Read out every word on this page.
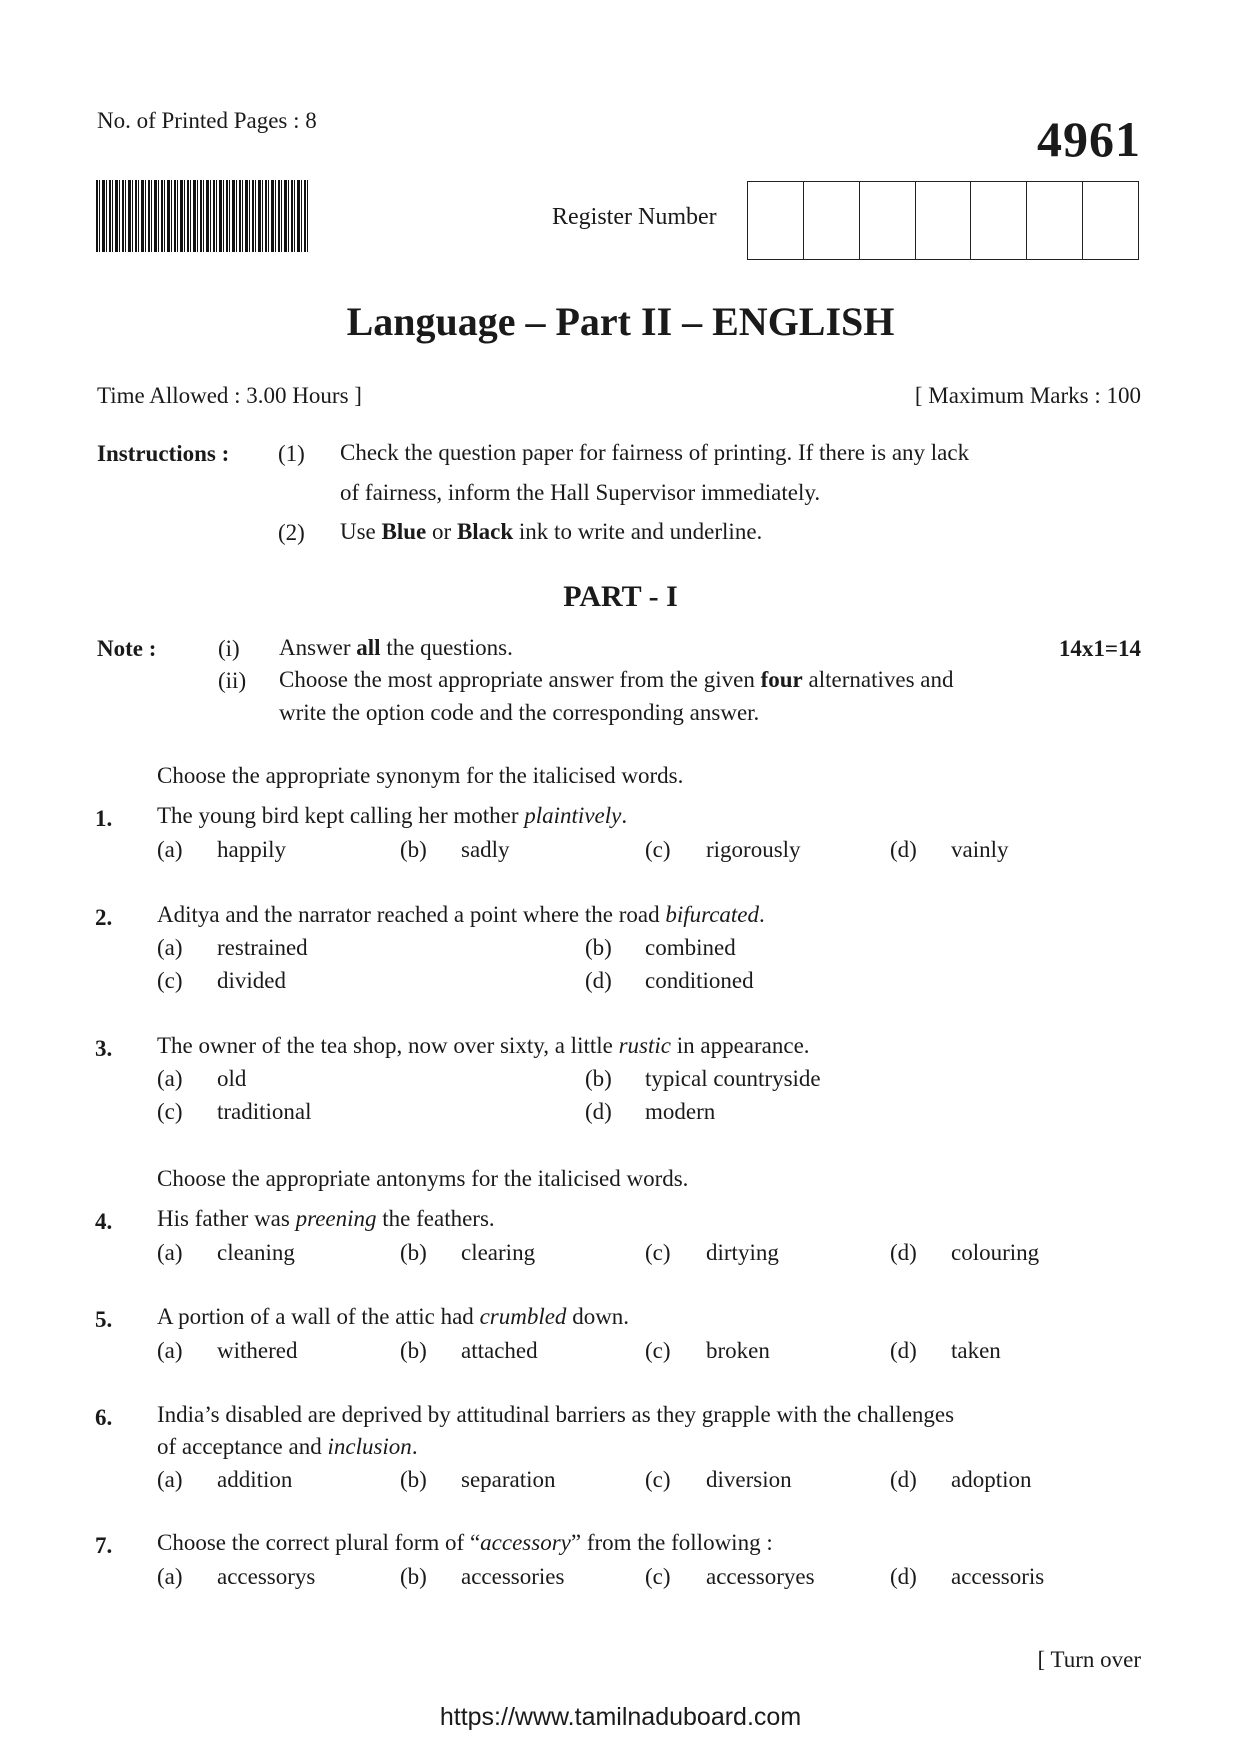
No. of Printed Pages : 8	4961
Register Number
Language – Part II – ENGLISH
Time Allowed : 3.00 Hours ]	[ Maximum Marks : 100
Instructions : (1) Check the question paper for fairness of printing. If there is any lack
of fairness, inform the Hall Supervisor immediately.
(2) Use Blue or Black ink to write and underline.
PART - I
Note :	14x1=14
(i) Answer all the questions.
(ii) Choose the most appropriate answer from the given four alternatives and
write the option code and the corresponding answer.
Choose the appropriate synonym for the italicised words.
1. The young bird kept calling her mother plaintively.
(a) happily	(b) sadly	(c) rigorously	(d) vainly
2. Aditya and the narrator reached a point where the road bifurcated.
(a) restrained	(b) combined
(c) divided	(d) conditioned
3. The owner of the tea shop, now over sixty, a little rustic in appearance.
(a) old	(b) typical countryside
(c) traditional	(d) modern
Choose the appropriate antonyms for the italicised words.
4. His father was preening the feathers.
(a) cleaning	(b) clearing	(c) dirtying	(d) colouring
5. A portion of a wall of the attic had crumbled down.
(a) withered	(b) attached	(c) broken	(d) taken
6. India’s disabled are deprived by attitudinal barriers as they grapple with the challenges
of acceptance and inclusion.
(a) addition	(b) separation	(c) diversion	(d) adoption
7. Choose the correct plural form of “accessory” from the following :
(a) accessorys	(b) accessories	(c) accessoryes	(d) accessoris
[ Turn over
https://www.tamilnaduboard.com
